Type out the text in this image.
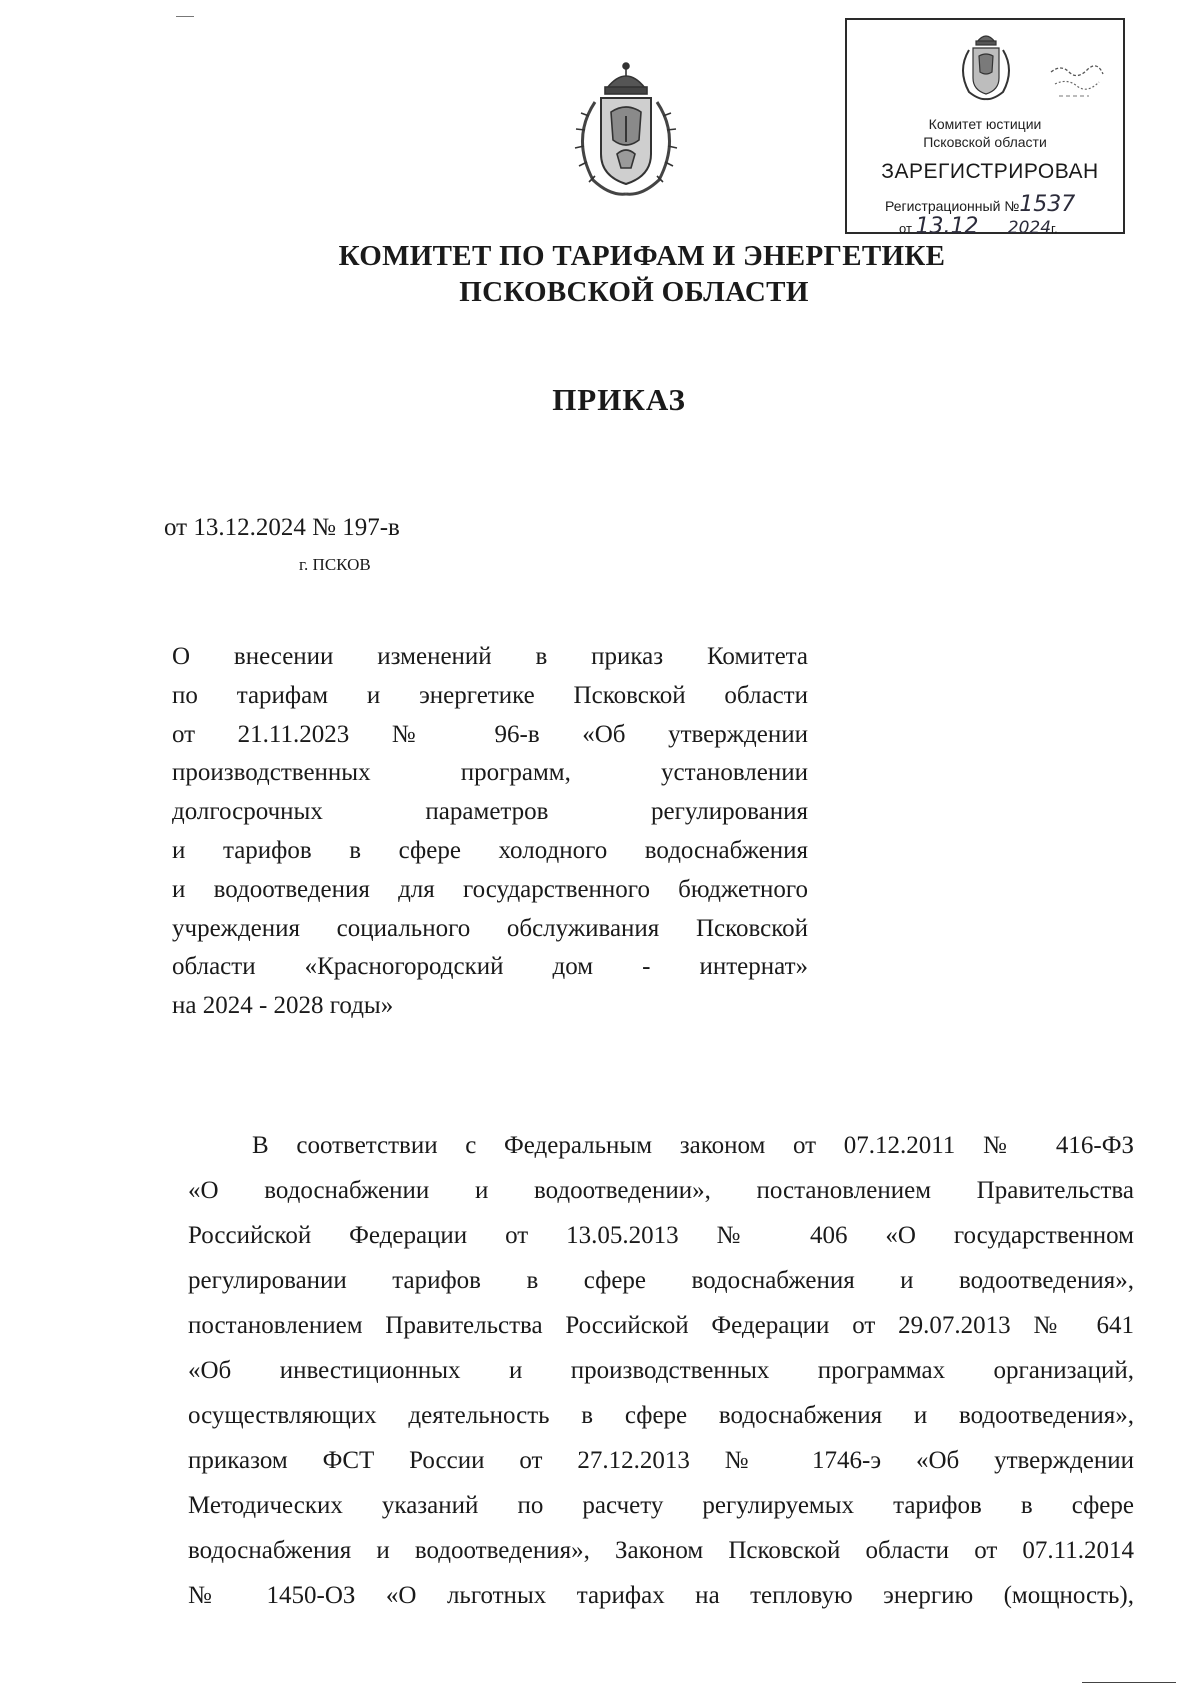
Комитет юстиции
Псковской области
ЗАРЕГИСТРИРОВАН
Регистрационный №1537
от 13.12 2024г.
КОМИТЕТ ПО ТАРИФАМ И ЭНЕРГЕТИКЕ
ПСКОВСКОЙ ОБЛАСТИ
ПРИКАЗ
от 13.12.2024 № 197-в
г. ПСКОВ
О внесении изменений в приказ Комитета
по тарифам и энергетике Псковской области
от 21.11.2023 № 96-в «Об утверждении
производственных программ, установлении
долгосрочных параметров регулирования
и тарифов в сфере холодного водоснабжения
и водоотведения для государственного бюджетного
учреждения социального обслуживания Псковской
области «Красногородский дом - интернат»
на 2024 - 2028 годы»
В соответствии с Федеральным законом от 07.12.2011 № 416-ФЗ
«О водоснабжении и водоотведении», постановлением Правительства
Российской Федерации от 13.05.2013 № 406 «О государственном
регулировании тарифов в сфере водоснабжения и водоотведения»,
постановлением Правительства Российской Федерации от 29.07.2013 № 641
«Об инвестиционных и производственных программах организаций,
осуществляющих деятельность в сфере водоснабжения и водоотведения»,
приказом ФСТ России от 27.12.2013 № 1746-э «Об утверждении
Методических указаний по расчету регулируемых тарифов в сфере
водоснабжения и водоотведения», Законом Псковской области от 07.11.2014
№ 1450-ОЗ «О льготных тарифах на тепловую энергию (мощность),
